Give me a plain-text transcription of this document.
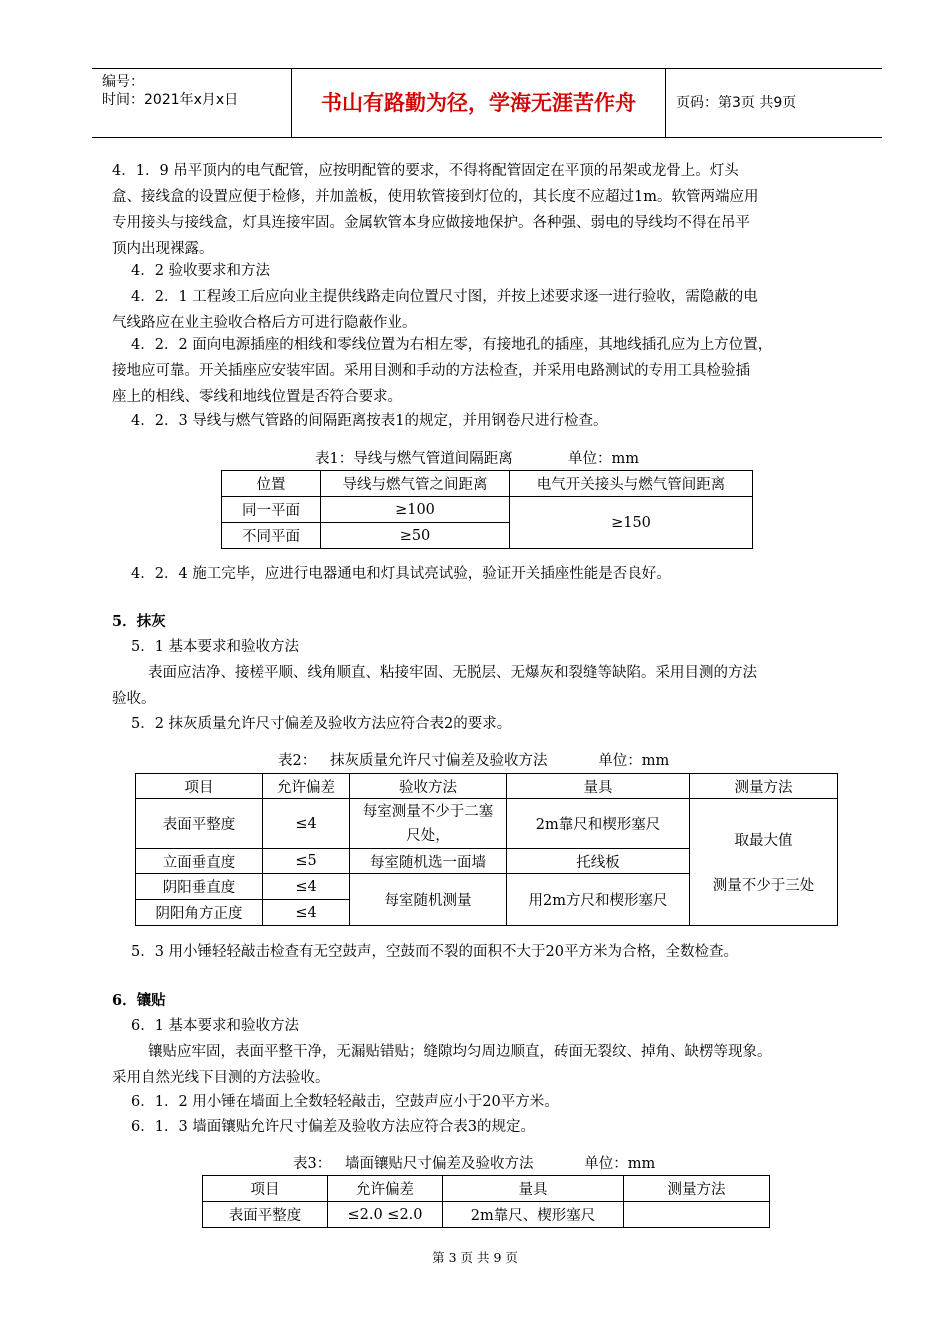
编号：
时间：2021年x月x日	书山有路勤为径，学海无涯苦作舟	页码：第3页 共9页
4．1．9 吊平顶内的电气配管，应按明配管的要求，不得将配管固定在平顶的吊架或龙骨上。灯头
盒、接线盒的设置应便于检修，并加盖板，使用软管接到灯位的，其长度不应超过1m。软管两端应用
专用接头与接线盒，灯具连接牢固。金属软管本身应做接地保护。各种强、弱电的导线均不得在吊平
顶内出现裸露。
4．2 验收要求和方法
4．2．1 工程竣工后应向业主提供线路走向位置尺寸图，并按上述要求逐一进行验收，需隐蔽的电
气线路应在业主验收合格后方可进行隐蔽作业。
4．2．2 面向电源插座的相线和零线位置为右相左零，有接地孔的插座，其地线插孔应为上方位置，
接地应可靠。开关插座应安装牢固。采用目测和手动的方法检查，并采用电路测试的专用工具检验插
座上的相线、零线和地线位置是否符合要求。
4．2．3 导线与燃气管路的间隔距离按表1的规定，并用钢卷尺进行检查。
表1：导线与燃气管道间隔距离            单位：mm
位置	导线与燃气管之间距离	电气开关接头与燃气管间距离
同一平面	≥100	≥150
不同平面	≥50	
4．2．4 施工完毕，应进行电器通电和灯具试亮试验，验证开关插座性能是否良好。
5．抹灰
5．1 基本要求和验收方法
表面应洁净、接槎平顺、线角顺直、粘接牢固、无脱层、无爆灰和裂缝等缺陷。采用目测的方法
验收。
5．2 抹灰质量允许尺寸偏差及验收方法应符合表2的要求。
表2：   抹灰质量允许尺寸偏差及验收方法           单位：mm
项目	允许偏差	验收方法	量具	测量方法
表面平整度	≤4	每室测量不少于二塞尺处，	2m靠尺和楔形塞尺	取最大值
测量不少于三处

立面垂直度	≤5	每室随机选一面墙	托线板	
阴阳垂直度	≤4	每室随机测量	用2m方尺和楔形塞尺	
阴阳角方正度	≤4			
5．3 用小锤轻轻敲击检查有无空鼓声，空鼓而不裂的面积不大于20平方米为合格，全数检查。
6．镶贴
6．1 基本要求和验收方法
镶贴应牢固，表面平整干净，无漏贴错贴；缝隙均匀周边顺直，砖面无裂纹、掉角、缺楞等现象。
采用自然光线下目测的方法验收。
6．1．2 用小锤在墙面上全数轻轻敲击，空鼓声应小于20平方米。
6．1．3 墙面镶贴允许尺寸偏差及验收方法应符合表3的规定。
表3：   墙面镶贴尺寸偏差及验收方法           单位：mm
项目	允许偏差	量具	测量方法
表面平整度	≤2.0 ≤2.0	2m靠尺、楔形塞尺	
第 3 页 共 9 页
